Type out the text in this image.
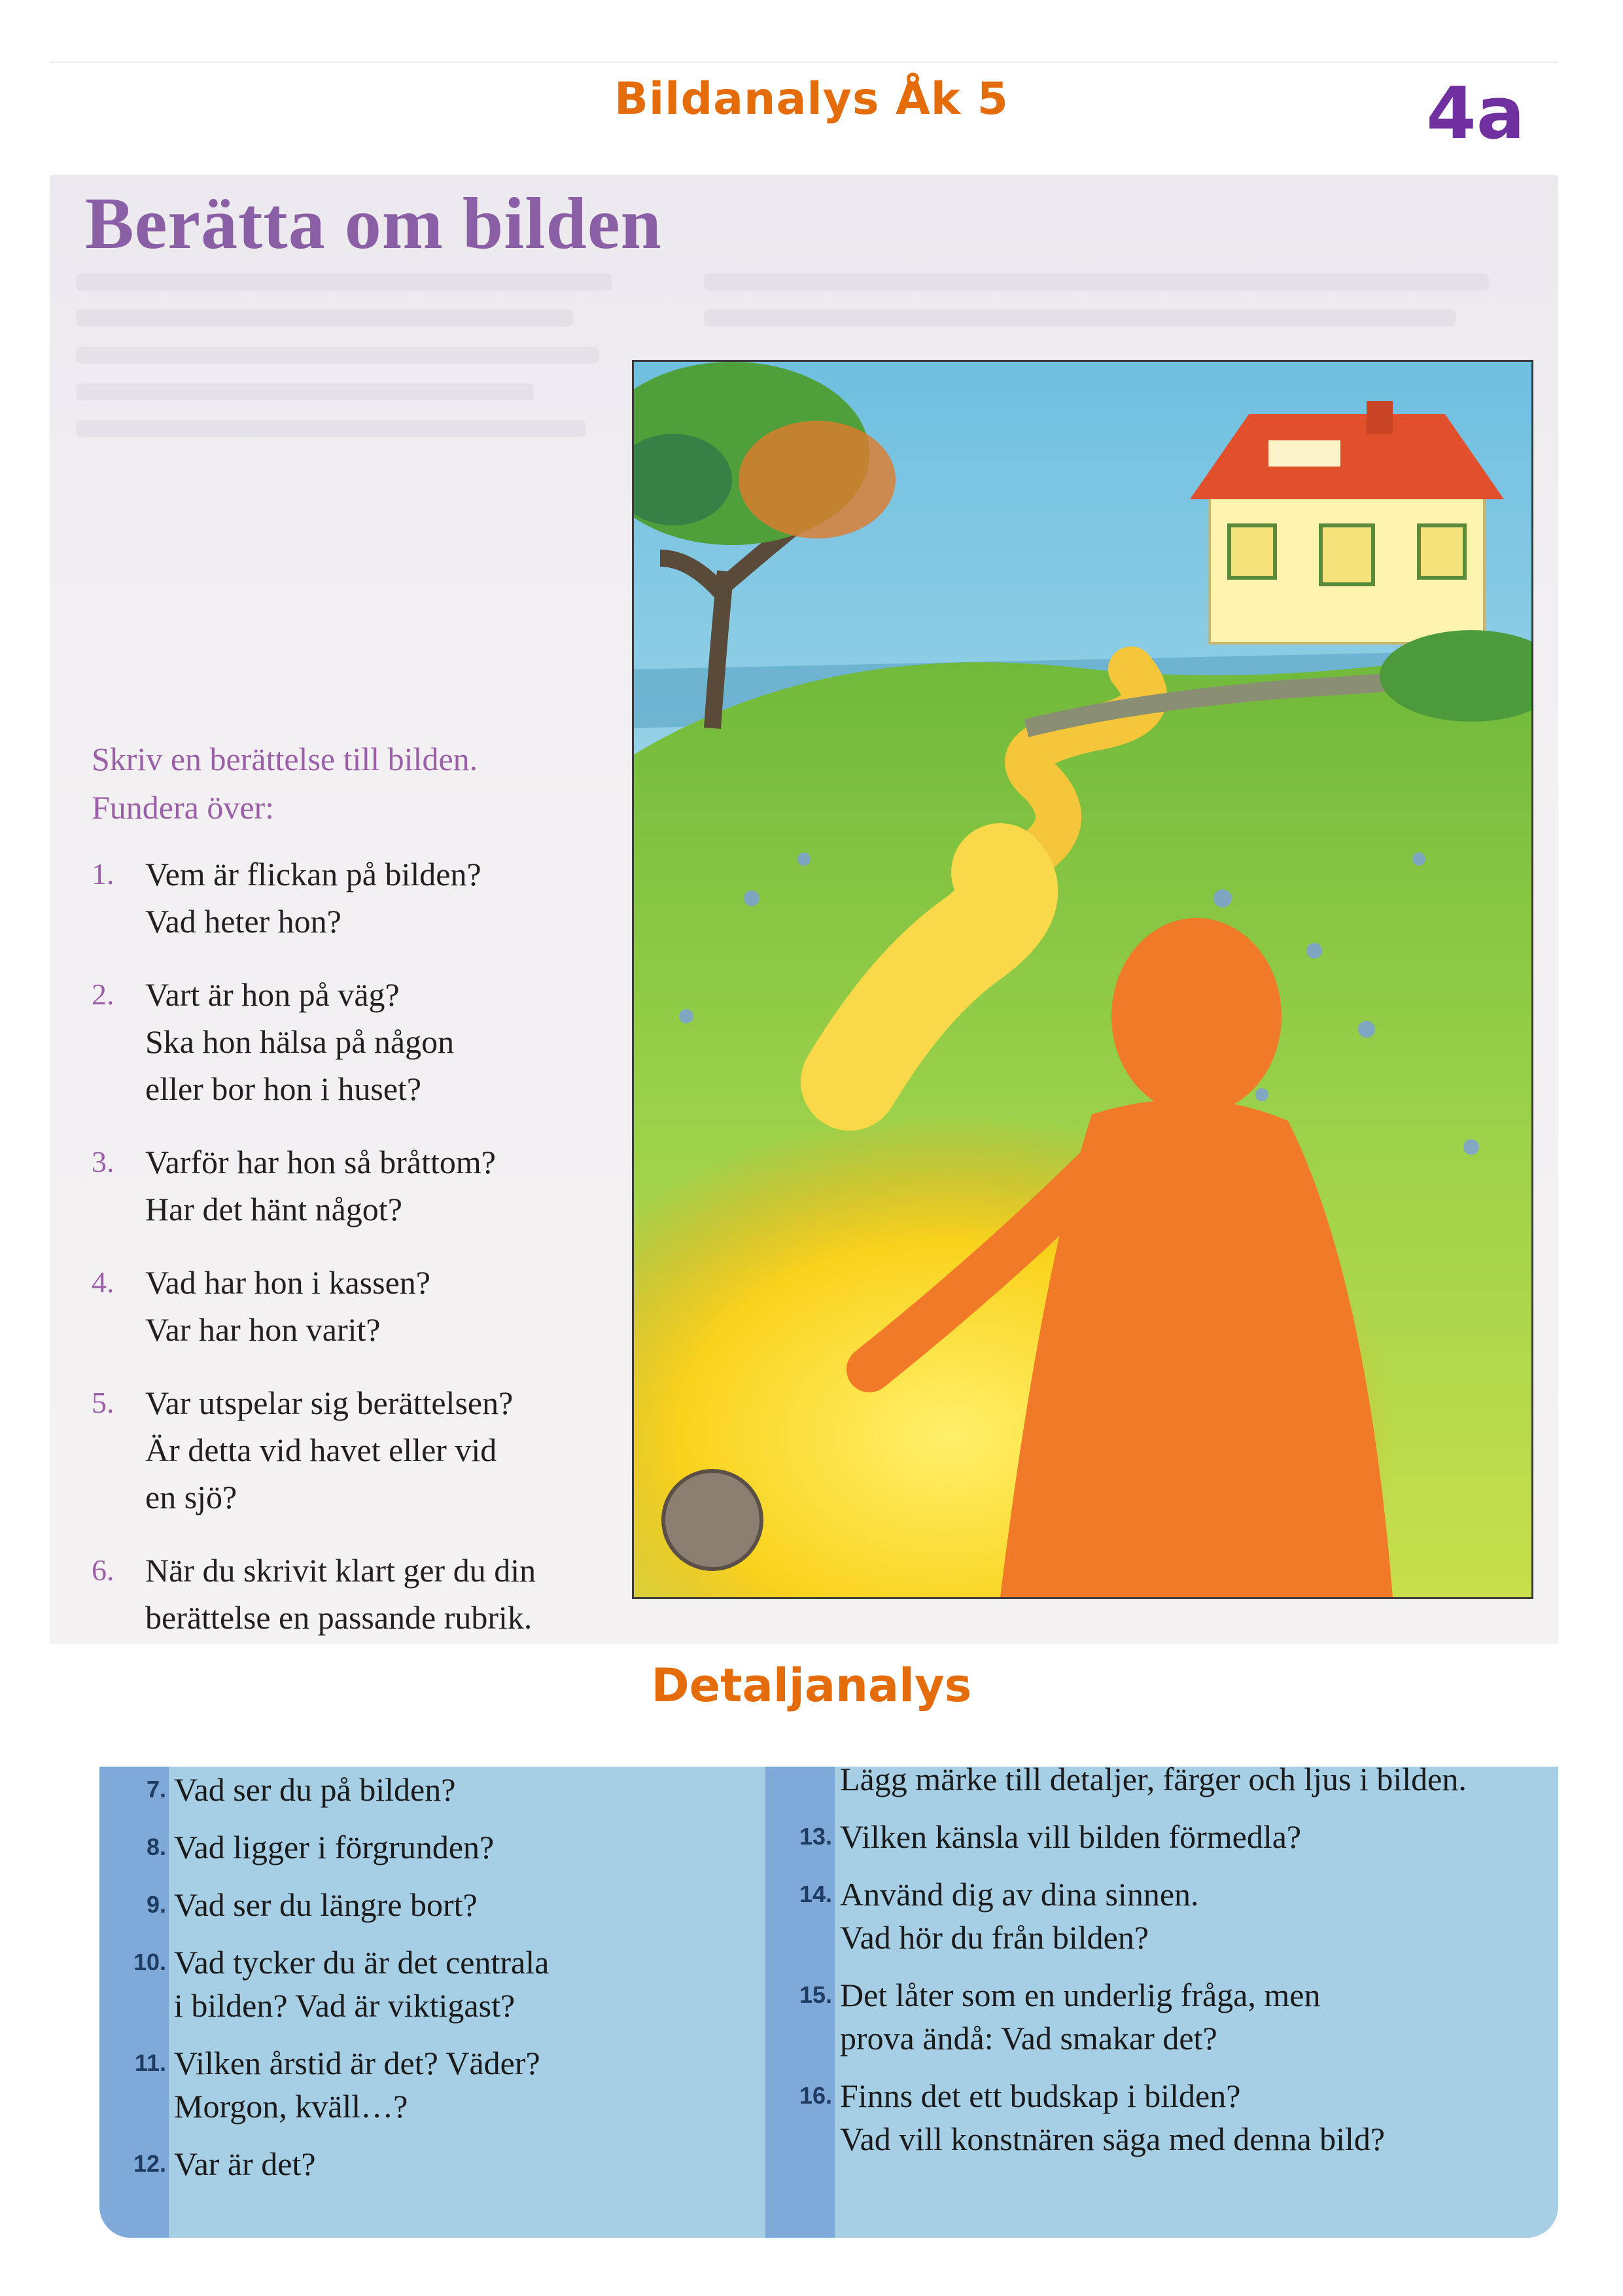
Bildanalys Åk 5	4a
Berätta om bilden
Skriv en berättelse till bilden.
Fundera över:
1. Vem är flickan på bilden?
Vad heter hon?
2. Vart är hon på väg?
Ska hon hälsa på någon
eller bor hon i huset?
3. Varför har hon så bråttom?
Har det hänt något?
4. Vad har hon i kassen?
Var har hon varit?
5. Var utspelar sig berättelsen?
Är detta vid havet eller vid
en sjö?
6. När du skrivit klart ger du din
berättelse en passande rubrik.
Detaljanalys
7. Vad ser du på bilden?
8. Vad ligger i förgrunden?
9. Vad ser du längre bort?
10. Vad tycker du är det centrala
i bilden? Vad är viktigast?
11. Vilken årstid är det? Väder?
Morgon, kväll…?
12. Var är det?
Lägg märke till detaljer, färger och ljus i bilden.
13. Vilken känsla vill bilden förmedla?
14. Använd dig av dina sinnen.
Vad hör du från bilden?
15. Det låter som en underlig fråga, men
prova ändå: Vad smakar det?
16. Finns det ett budskap i bilden?
Vad vill konstnären säga med denna bild?
